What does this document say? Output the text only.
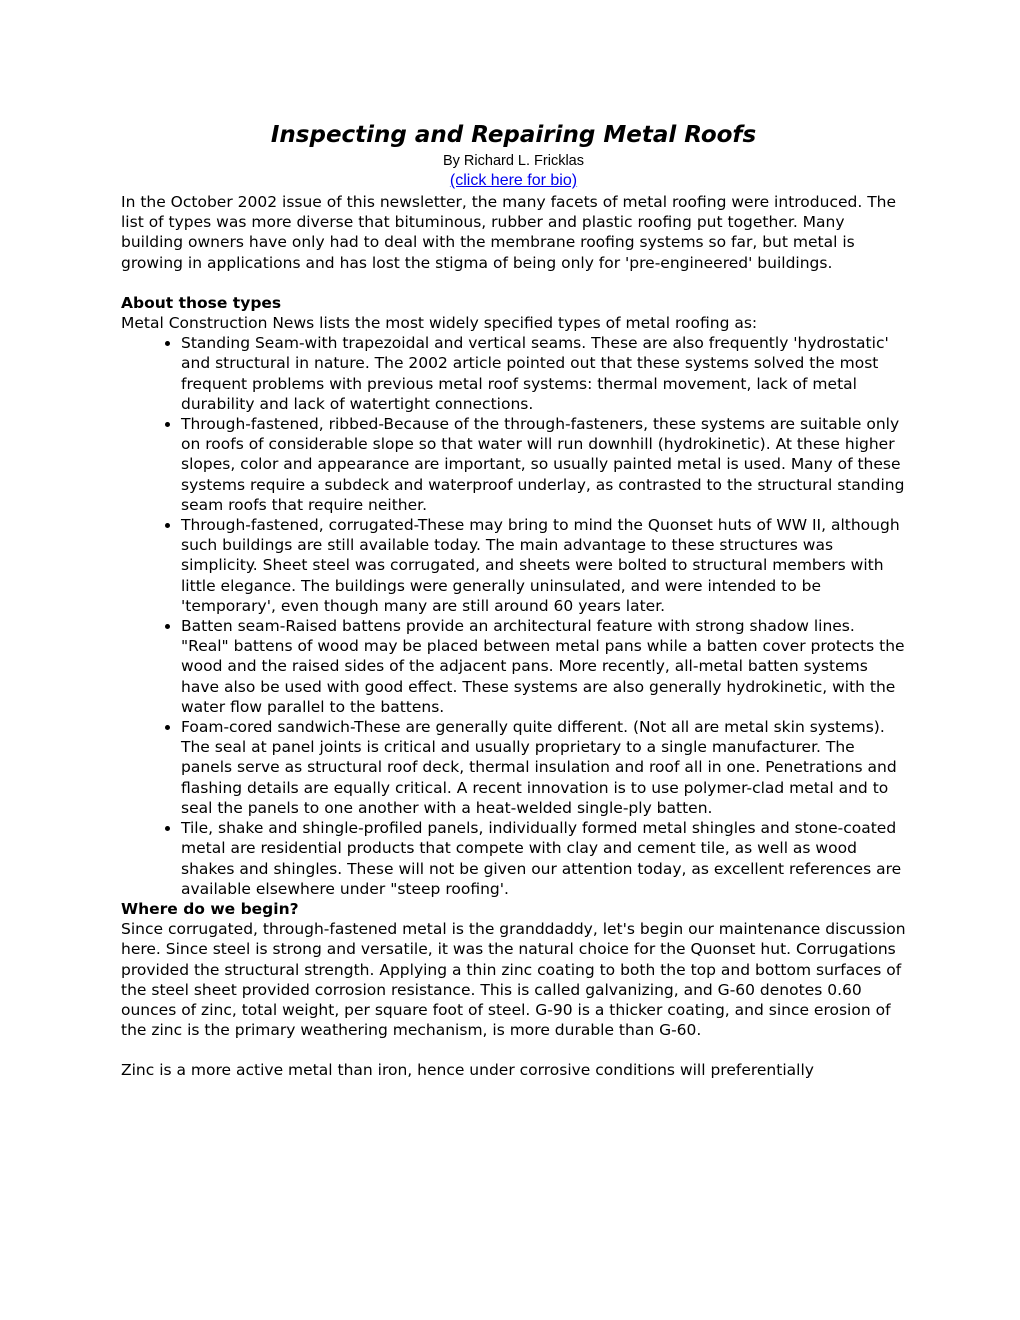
Inspecting and Repairing Metal Roofs

By Richard L. Fricklas

(click here for bio)

In the October 2002 issue of this newsletter, the many facets of metal roofing were introduced. The list of types was more diverse that bituminous, rubber and plastic roofing put together. Many building owners have only had to deal with the membrane roofing systems so far, but metal is growing in applications and has lost the stigma of being only for 'pre-engineered' buildings.

About those types

Metal Construction News lists the most widely specified types of metal roofing as:

• Standing Seam-with trapezoidal and vertical seams. These are also frequently 'hydrostatic' and structural in nature. The 2002 article pointed out that these systems solved the most frequent problems with previous metal roof systems: thermal movement, lack of metal durability and lack of watertight connections.
• Through-fastened, ribbed-Because of the through-fasteners, these systems are suitable only on roofs of considerable slope so that water will run downhill (hydrokinetic). At these higher slopes, color and appearance are important, so usually painted metal is used. Many of these systems require a subdeck and waterproof underlay, as contrasted to the structural standing seam roofs that require neither.
• Through-fastened, corrugated-These may bring to mind the Quonset huts of WW II, although such buildings are still available today. The main advantage to these structures was simplicity. Sheet steel was corrugated, and sheets were bolted to structural members with little elegance. The buildings were generally uninsulated, and were intended to be 'temporary', even though many are still around 60 years later.
• Batten seam-Raised battens provide an architectural feature with strong shadow lines. "Real" battens of wood may be placed between metal pans while a batten cover protects the wood and the raised sides of the adjacent pans. More recently, all-metal batten systems have also be used with good effect. These systems are also generally hydrokinetic, with the water flow parallel to the battens.
• Foam-cored sandwich-These are generally quite different. (Not all are metal skin systems). The seal at panel joints is critical and usually proprietary to a single manufacturer. The panels serve as structural roof deck, thermal insulation and roof all in one. Penetrations and flashing details are equally critical. A recent innovation is to use polymer-clad metal and to seal the panels to one another with a heat-welded single-ply batten.
• Tile, shake and shingle-profiled panels, individually formed metal shingles and stone-coated metal are residential products that compete with clay and cement tile, as well as wood shakes and shingles. These will not be given our attention today, as excellent references are available elsewhere under "steep roofing'.
Where do we begin?

Since corrugated, through-fastened metal is the granddaddy, let's begin our maintenance discussion here. Since steel is strong and versatile, it was the natural choice for the Quonset hut. Corrugations provided the structural strength. Applying a thin zinc coating to both the top and bottom surfaces of the steel sheet provided corrosion resistance. This is called galvanizing, and G-60 denotes 0.60 ounces of zinc, total weight, per square foot of steel. G-90 is a thicker coating, and since erosion of the zinc is the primary weathering mechanism, is more durable than G-60.

Zinc is a more active metal than iron, hence under corrosive conditions will preferentially
